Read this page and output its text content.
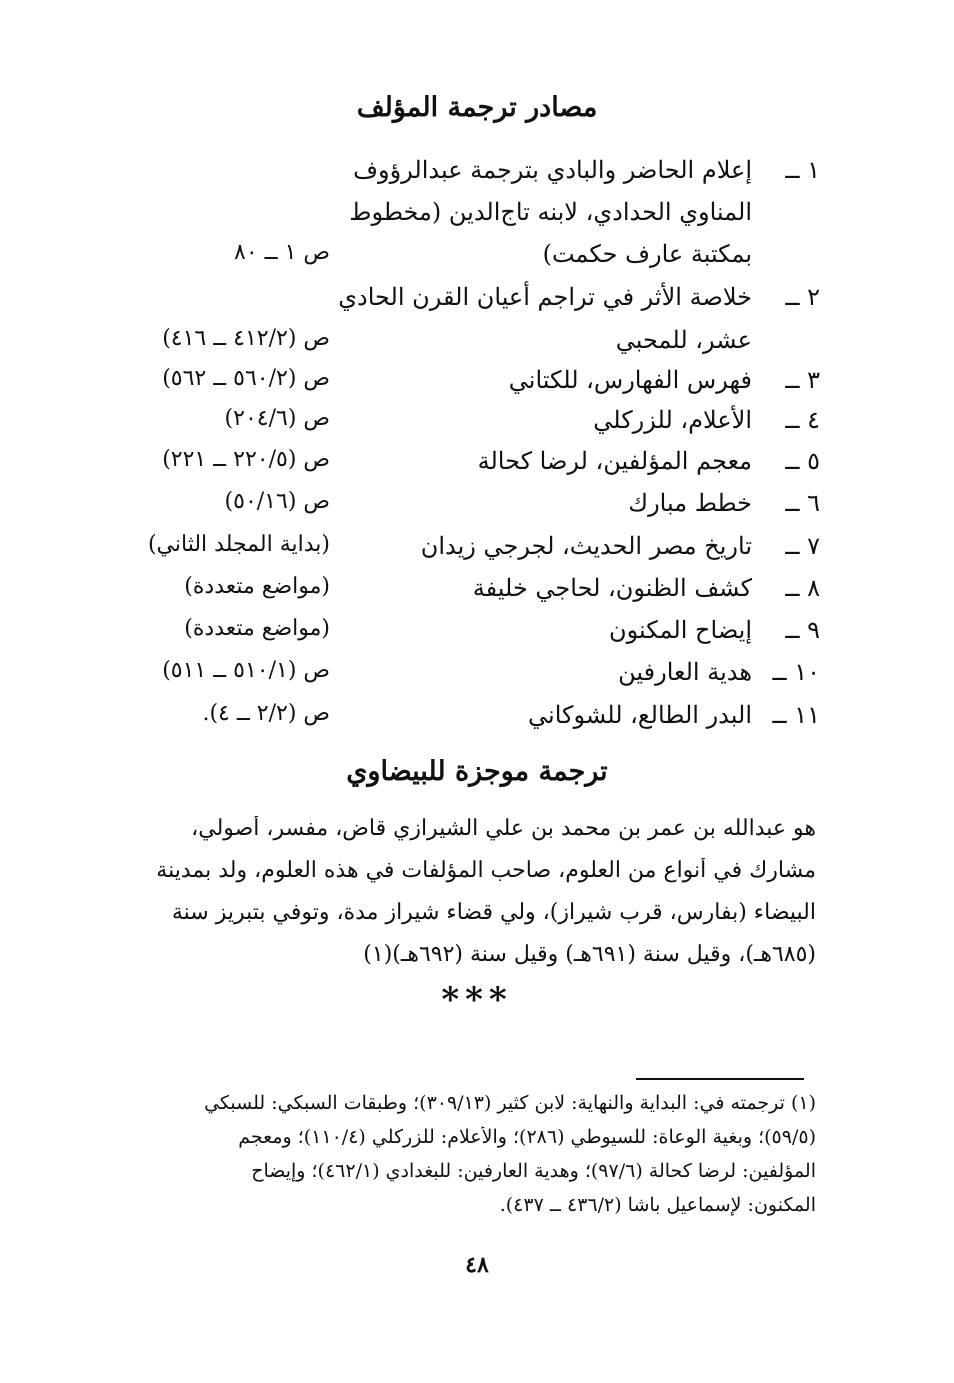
مصادر ترجمة المؤلف
١ ــ
إعلام الحاضر والبادي بترجمة عبدالرؤوف
المناوي الحدادي، لابنه تاج‌الدين (مخطوط
بمكتبة عارف حكمت)
ص ١ ــ ٨٠
٢ ــ
خلاصة الأثر في تراجم أعيان القرن الحادي
عشر، للمحبي
ص (٤١٢/٢ ــ ٤١٦)
٣ ــ
فهرس الفهارس، للكتاني
ص (٥٦٠/٢ ــ ٥٦٢)
٤ ــ
الأعلام، للزركلي
ص (٢٠٤/٦)
٥ ــ
معجم المؤلفين، لرضا كحالة
ص (٢٢٠/٥ ــ ٢٢١)
٦ ــ
خطط مبارك
ص (٥٠/١٦)
٧ ــ
تاريخ مصر الحديث، لجرجي زيدان
(بداية المجلد الثاني)
٨ ــ
كشف الظنون، لحاجي خليفة
(مواضع متعددة)
٩ ــ
إيضاح المكنون
(مواضع متعددة)
١٠ ــ
هدية العارفين
ص (٥١٠/١ ــ ٥١١)
١١ ــ
البدر الطالع، للشوكاني
ص (٢/٢ ــ ٤).
ترجمة موجزة للبيضاوي
هو عبدالله بن عمر بن محمد بن علي الشيرازي قاض، مفسر، أصولي،
مشارك في أنواع من العلوم، صاحب المؤلفات في هذه العلوم، ولد بمدينة
البيضاء (بفارس، قرب شيراز)، ولي قضاء شيراز مدة، وتوفي بتبريز سنة
(٦٨٥هـ)، وقيل سنة (٦٩١هـ) وقيل سنة (٦٩٢هـ)(١)
***
(١) ترجمته في: البداية والنهاية: لابن كثير (٣٠٩/١٣)؛ وطبقات السبكي: للسبكي
(٥٩/٥)؛ وبغية الوعاة: للسيوطي (٢٨٦)؛ والأعلام: للزركلي (١١٠/٤)؛ ومعجم
المؤلفين: لرضا كحالة (٩٧/٦)؛ وهدية العارفين: للبغدادي (٤٦٢/١)؛ وإيضاح
المكنون: لإسماعيل باشا (٤٣٦/٢ ــ ٤٣٧).
٤٨
